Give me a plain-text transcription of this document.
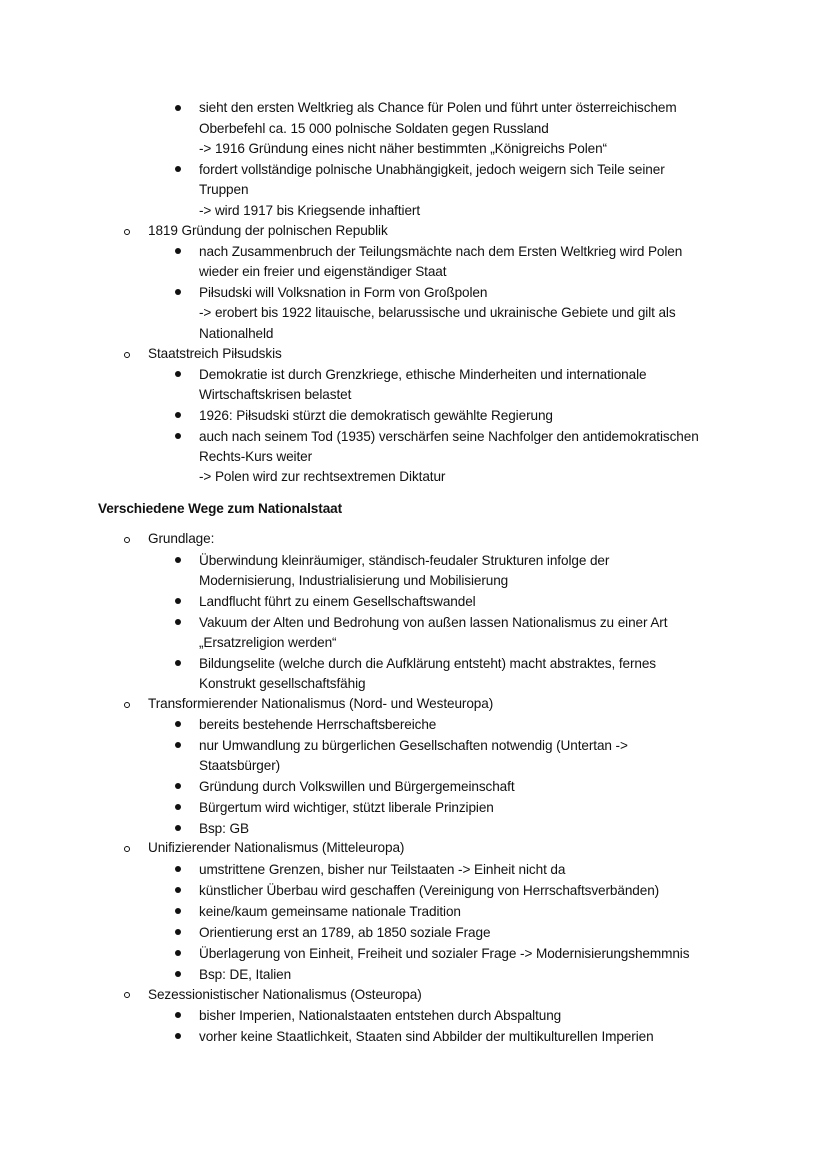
sieht den ersten Weltkrieg als Chance für Polen und führt unter österreichischem
Oberbefehl ca. 15 000 polnische Soldaten gegen Russland
-> 1916 Gründung eines nicht näher bestimmten „Königreichs Polen“
fordert vollständige polnische Unabhängigkeit, jedoch weigern sich Teile seiner
Truppen
-> wird 1917 bis Kriegsende inhaftiert
1819 Gründung der polnischen Republik
nach Zusammenbruch der Teilungsmächte nach dem Ersten Weltkrieg wird Polen
wieder ein freier und eigenständiger Staat
Piłsudski will Volksnation in Form von Großpolen
-> erobert bis 1922 litauische, belarussische und ukrainische Gebiete und gilt als
Nationalheld
Staatstreich Piłsudskis
Demokratie ist durch Grenzkriege, ethische Minderheiten und internationale
Wirtschaftskrisen belastet
1926: Piłsudski stürzt die demokratisch gewählte Regierung
auch nach seinem Tod (1935) verschärfen seine Nachfolger den antidemokratischen
Rechts-Kurs weiter
-> Polen wird zur rechtsextremen Diktatur
Verschiedene Wege zum Nationalstaat
Grundlage:
Überwindung kleinräumiger, ständisch-feudaler Strukturen infolge der
Modernisierung, Industrialisierung und Mobilisierung
Landflucht führt zu einem Gesellschaftswandel
Vakuum der Alten und Bedrohung von außen lassen Nationalismus zu einer Art
„Ersatzreligion werden“
Bildungselite (welche durch die Aufklärung entsteht) macht abstraktes, fernes
Konstrukt gesellschaftsfähig
Transformierender Nationalismus (Nord- und Westeuropa)
bereits bestehende Herrschaftsbereiche
nur Umwandlung zu bürgerlichen Gesellschaften notwendig (Untertan ->
Staatsbürger)
Gründung durch Volkswillen und Bürgergemeinschaft
Bürgertum wird wichtiger, stützt liberale Prinzipien
Bsp: GB
Unifizierender Nationalismus (Mitteleuropa)
umstrittene Grenzen, bisher nur Teilstaaten -> Einheit nicht da
künstlicher Überbau wird geschaffen (Vereinigung von Herrschaftsverbänden)
keine/kaum gemeinsame nationale Tradition
Orientierung erst an 1789, ab 1850 soziale Frage
Überlagerung von Einheit, Freiheit und sozialer Frage -> Modernisierungshemmnis
Bsp: DE, Italien
Sezessionistischer Nationalismus (Osteuropa)
bisher Imperien, Nationalstaaten entstehen durch Abspaltung
vorher keine Staatlichkeit, Staaten sind Abbilder der multikulturellen Imperien
